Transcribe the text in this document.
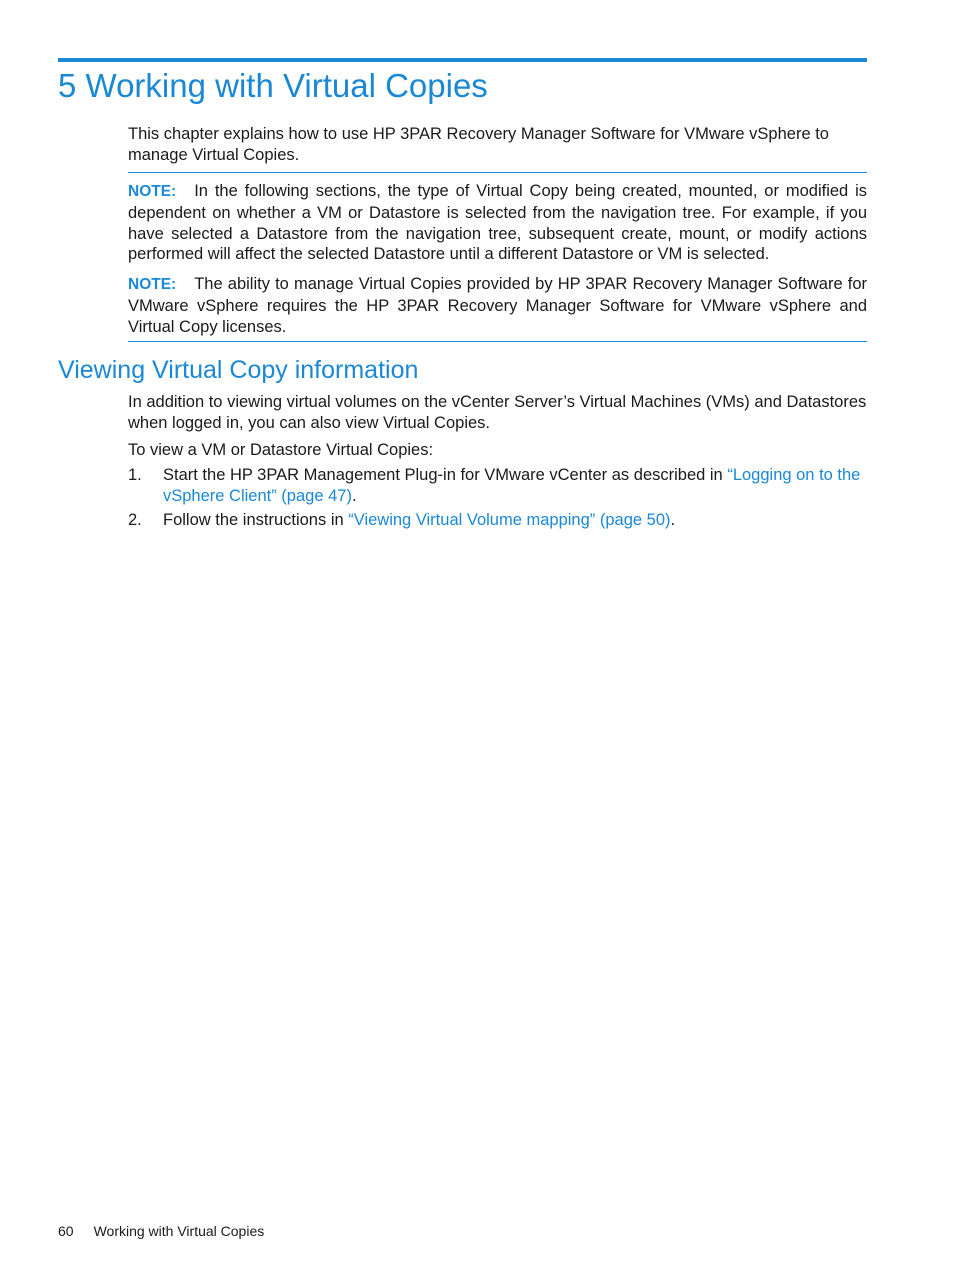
5 Working with Virtual Copies

This chapter explains how to use HP 3PAR Recovery Manager Software for VMware vSphere to manage Virtual Copies.

NOTE: In the following sections, the type of Virtual Copy being created, mounted, or modified is dependent on whether a VM or Datastore is selected from the navigation tree. For example, if you have selected a Datastore from the navigation tree, subsequent create, mount, or modify actions performed will affect the selected Datastore until a different Datastore or VM is selected.

NOTE: The ability to manage Virtual Copies provided by HP 3PAR Recovery Manager Software for VMware vSphere requires the HP 3PAR Recovery Manager Software for VMware vSphere and Virtual Copy licenses.

Viewing Virtual Copy information

In addition to viewing virtual volumes on the vCenter Server’s Virtual Machines (VMs) and Datastores when logged in, you can also view Virtual Copies.

To view a VM or Datastore Virtual Copies:

1. Start the HP 3PAR Management Plug-in for VMware vCenter as described in “Logging on to the vSphere Client” (page 47).
2. Follow the instructions in “Viewing Virtual Volume mapping” (page 50).
60 Working with Virtual Copies
